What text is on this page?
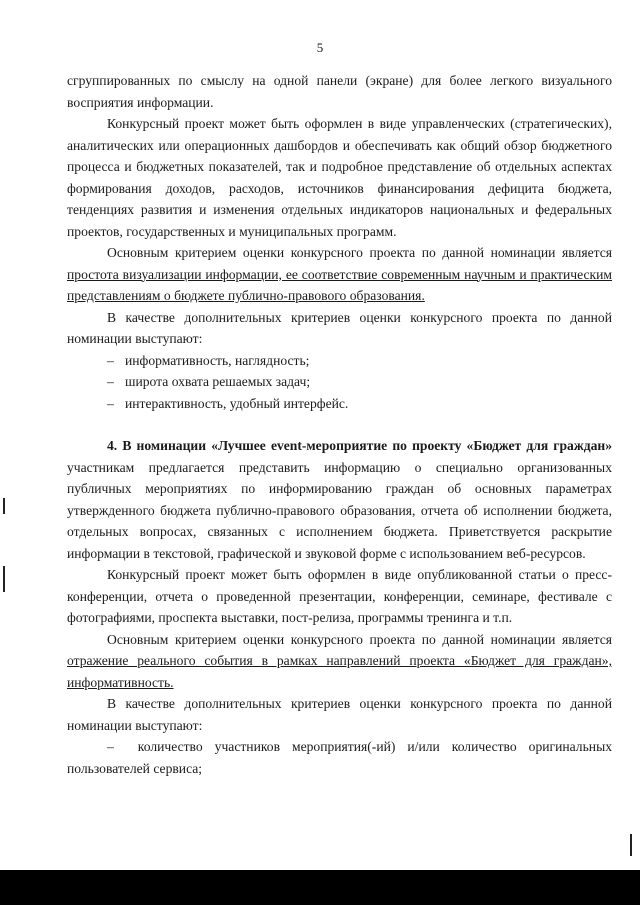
5

сгруппированных по смыслу на одной панели (экране) для более легкого визуального восприятия информации.

Конкурсный проект может быть оформлен в виде управленческих (стратегических), аналитических или операционных дашбордов и обеспечивать как общий обзор бюджетного процесса и бюджетных показателей, так и подробное представление об отдельных аспектах формирования доходов, расходов, источников финансирования дефицита бюджета, тенденциях развития и изменения отдельных индикаторов национальных и федеральных проектов, государственных и муниципальных программ.

Основным критерием оценки конкурсного проекта по данной номинации является простота визуализации информации, ее соответствие современным научным и практическим представлениям о бюджете публично-правового образования.

В качестве дополнительных критериев оценки конкурсного проекта по данной номинации выступают:

– информативность, наглядность;
– широта охвата решаемых задач;
– интерактивность, удобный интерфейс.

4. В номинации «Лучшее event-мероприятие по проекту «Бюджет для граждан» участникам предлагается представить информацию о специально организованных публичных мероприятиях по информированию граждан об основных параметрах утвержденного бюджета публично-правового образования, отчета об исполнении бюджета, отдельных вопросах, связанных с исполнением бюджета. Приветствуется раскрытие информации в текстовой, графической и звуковой форме с использованием веб-ресурсов.

Конкурсный проект может быть оформлен в виде опубликованной статьи о пресс-конференции, отчета о проведенной презентации, конференции, семинаре, фестивале с фотографиями, проспекта выставки, пост-релиза, программы тренинга и т.п.

Основным критерием оценки конкурсного проекта по данной номинации является отражение реального события в рамках направлений проекта «Бюджет для граждан», информативность.

В качестве дополнительных критериев оценки конкурсного проекта по данной номинации выступают:

–  количество участников мероприятия(-ий) и/или количество оригинальных пользователей сервиса;
